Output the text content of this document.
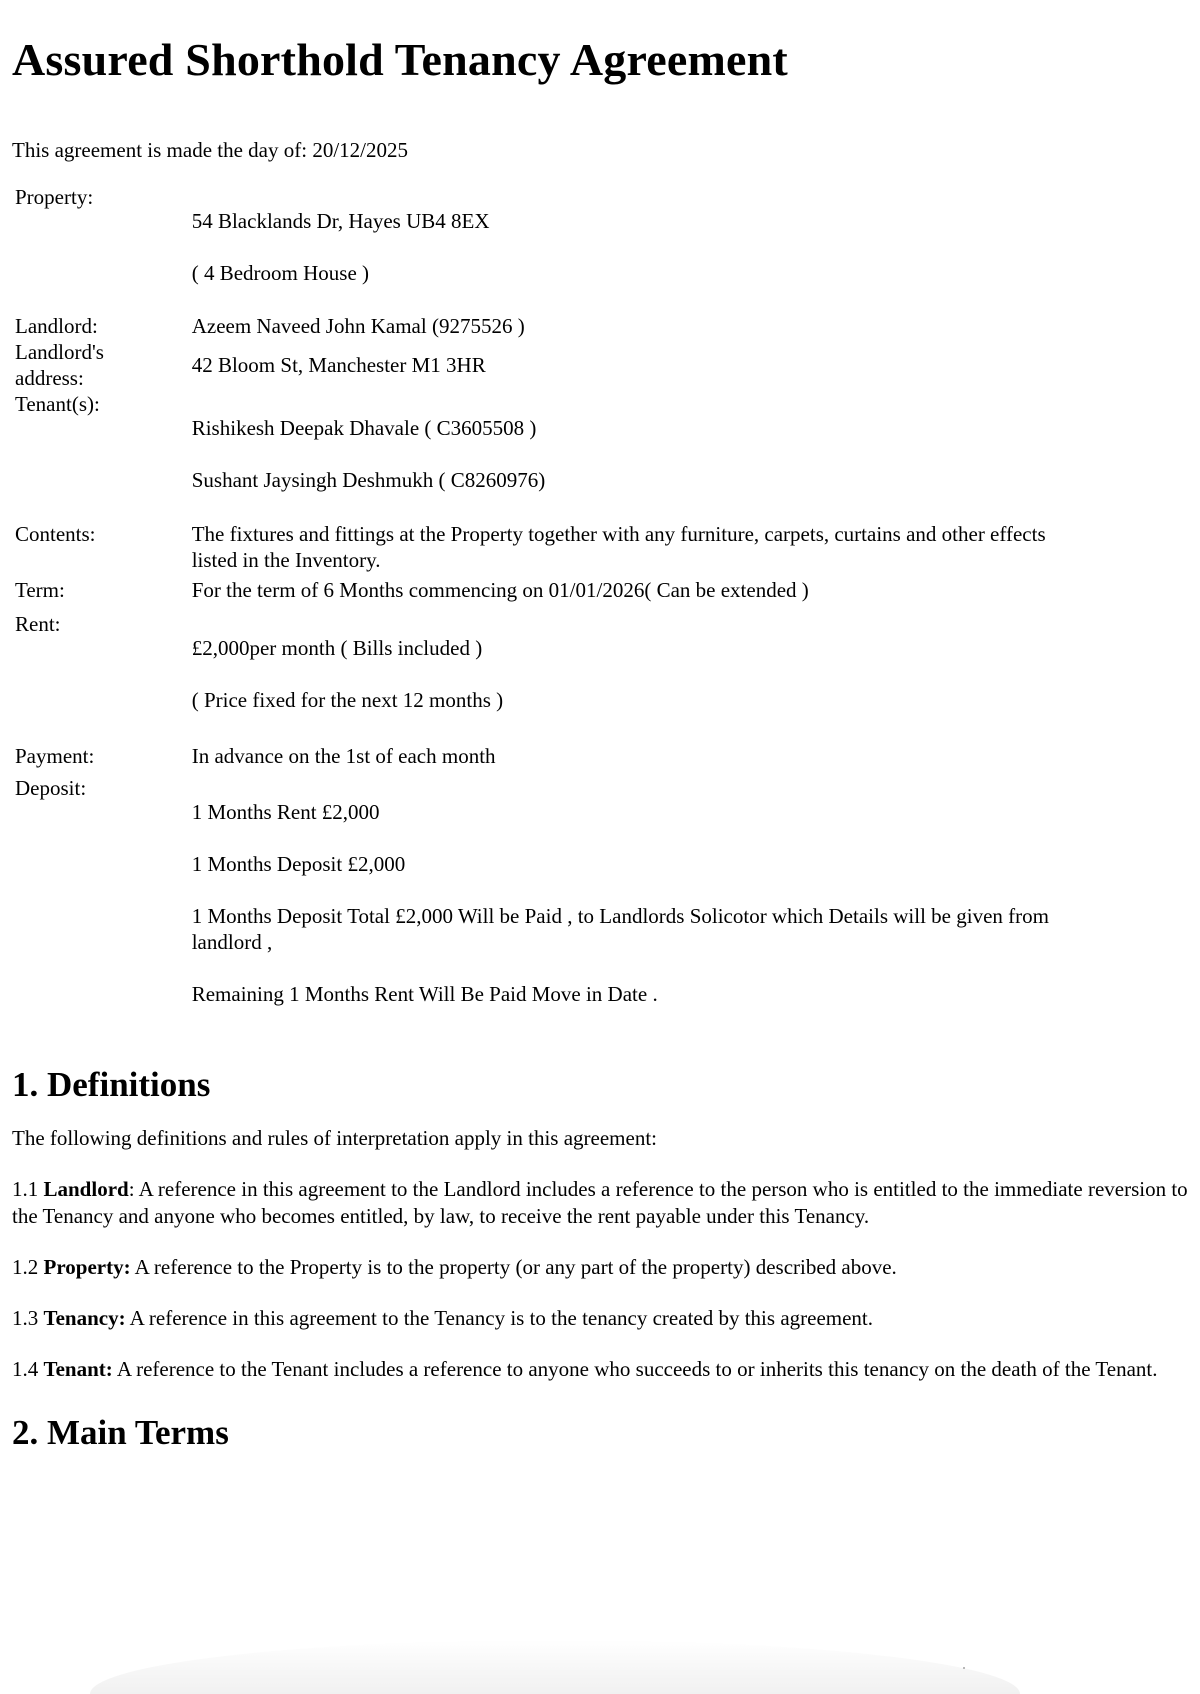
Assured Shorthold Tenancy Agreement
This agreement is made the day of: 20/12/2025
Property:	54 Blacklands Dr, Hayes UB4 8EX
( 4 Bedroom House )

Landlord:	Azeem Naveed John Kamal (9275526 )

Landlord's
address:	42 Bloom St, Manchester M1 3HR
Tenant(s):	Rishikesh Deepak Dhavale ( C3605508 )
Sushant Jaysingh Deshmukh ( C8260976)

Contents:	The fixtures and fittings at the Property together with any furniture, carpets, curtains and other effects
listed in the Inventory.

Term:	For the term of 6 Months commencing on 01/01/2026( Can be extended )

Rent:	£2,000per month ( Bills included )
( Price fixed for the next 12 months )

Payment:	In advance on the 1st of each month

Deposit:	1 Months Rent £2,000
1 Months Deposit £2,000
1 Months Deposit Total £2,000 Will be Paid , to Landlords Solicotor which Details will be given from
landlord ,
Remaining 1 Months Rent Will Be Paid Move in Date .
1. Definitions

The following definitions and rules of interpretation apply in this agreement:

1.1 Landlord: A reference in this agreement to the Landlord includes a reference to the person who is entitled to the immediate reversion to the Tenancy and anyone who becomes entitled, by law, to receive the rent payable under this Tenancy.

1.2 Property: A reference to the Property is to the property (or any part of the property) described above.

1.3 Tenancy: A reference in this agreement to the Tenancy is to the tenancy created by this agreement.

1.4 Tenant: A reference to the Tenant includes a reference to anyone who succeeds to or inherits this tenancy on the death of the Tenant.

2. Main Terms
